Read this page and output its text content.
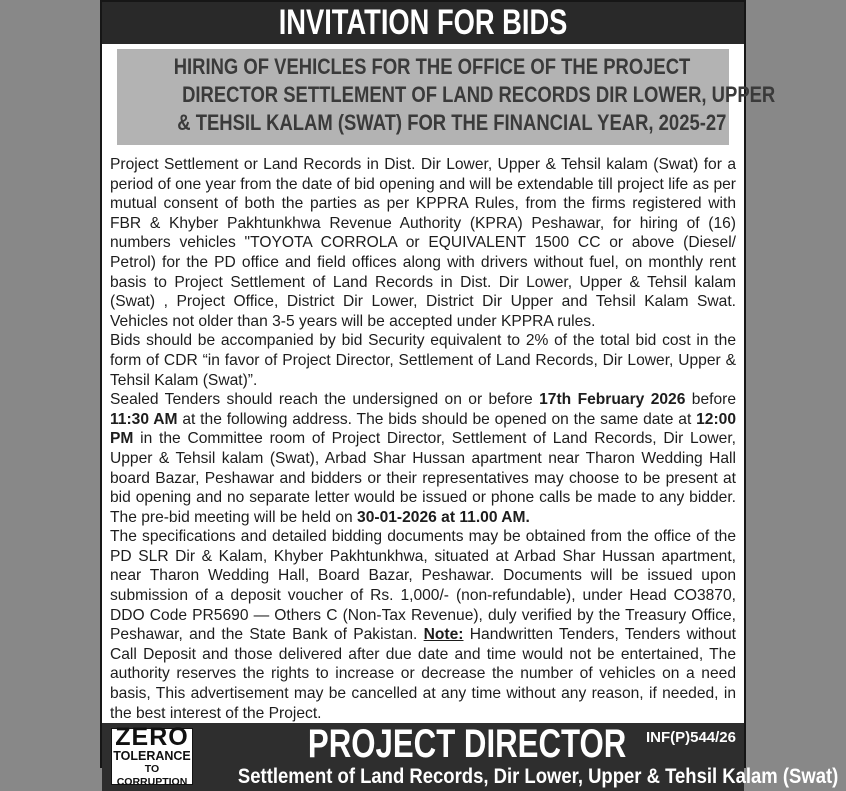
INVITATION FOR BIDS
HIRING OF VEHICLES FOR THE OFFICE OF THE PROJECT
DIRECTOR SETTLEMENT OF LAND RECORDS DIR LOWER, UPPER
& TEHSIL KALAM (SWAT) FOR THE FINANCIAL YEAR, 2025-27

Project Settlement or Land Records in Dist. Dir Lower, Upper & Tehsil kalam (Swat) for a period of one year from the date of bid opening and will be extendable till project life as per mutual consent of both the parties as per KPPRA Rules, from the firms registered with FBR & Khyber Pakhtunkhwa Revenue Authority (KPRA) Peshawar, for hiring of (16) numbers vehicles "TOYOTA CORROLA or EQUIVALENT 1500 CC or above (Diesel/ Petrol) for the PD office and field offices along with drivers without fuel, on monthly rent basis to Project Settlement of Land Records in Dist. Dir Lower, Upper & Tehsil kalam (Swat) , Project Office, District Dir Lower, District Dir Upper and Tehsil Kalam Swat. Vehicles not older than 3-5 years will be accepted under KPPRA rules.

Bids should be accompanied by bid Security equivalent to 2% of the total bid cost in the form of CDR “in favor of Project Director, Settlement of Land Records, Dir Lower, Upper & Tehsil Kalam (Swat)”.

Sealed Tenders should reach the undersigned on or before 17th February 2026 before 11:30 AM at the following address. The bids should be opened on the same date at 12:00 PM in the Committee room of Project Director, Settlement of Land Records, Dir Lower, Upper & Tehsil kalam (Swat), Arbad Shar Hussan apartment near Tharon Wedding Hall board Bazar, Peshawar and bidders or their representatives may choose to be present at bid opening and no separate letter would be issued or phone calls be made to any bidder. The pre-bid meeting will be held on 30-01-2026 at 11.00 AM.

The specifications and detailed bidding documents may be obtained from the office of the PD SLR Dir & Kalam, Khyber Pakhtunkhwa, situated at Arbad Shar Hussan apartment, near Tharon Wedding Hall, Board Bazar, Peshawar. Documents will be issued upon submission of a deposit voucher of Rs. 1,000/- (non-refundable), under Head CO3870, DDO Code PR5690 — Others C (Non-Tax Revenue), duly verified by the Treasury Office, Peshawar, and the State Bank of Pakistan. Note: Handwritten Tenders, Tenders without Call Deposit and those delivered after due date and time would not be entertained, The authority reserves the rights to increase or decrease the number of vehicles on a need basis, This advertisement may be cancelled at any time without any reason, if needed, in the best interest of the Project.

ZERO
TOLERANCE
TO CORRUPTION
PROJECT DIRECTOR
Settlement of Land Records, Dir Lower, Upper & Tehsil Kalam (Swat)
INF(P)544/26
